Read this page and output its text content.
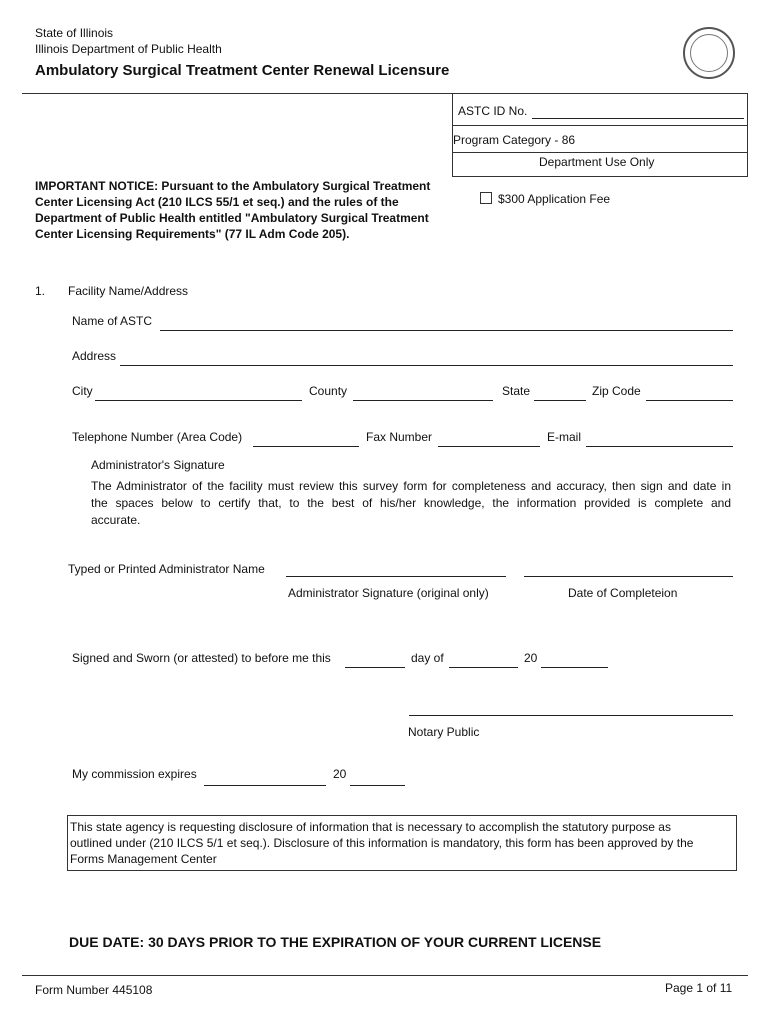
State of Illinois
Illinois Department of Public Health
Ambulatory Surgical Treatment Center Renewal Licensure
ASTC ID No.
Program Category - 86
Department Use Only
IMPORTANT NOTICE: Pursuant to the Ambulatory Surgical Treatment
Center Licensing Act (210 ILCS 55/1 et seq.) and the rules of the
Department of Public Health entitled "Ambulatory Surgical Treatment
Center Licensing Requirements" (77 IL Adm Code 205).
$300 Application Fee
1. Facility Name/Address
Name of ASTC
Address
City	County	State	Zip Code
Telephone Number (Area Code)	Fax Number	E-mail
Administrator's Signature
The Administrator of the facility must review this survey form for completeness and accuracy, then sign and date in
the spaces below to certify that, to the best of his/her knowledge, the information provided is complete and
accurate.
Typed or Printed Administrator Name
Administrator Signature (original only)	Date of Completeion
Signed and Sworn (or attested) to before me this	day of	20
Notary Public
My commission expires	20
This state agency is requesting disclosure of information that is necessary to accomplish the statutory purpose as
outlined under (210 ILCS 5/1 et seq.). Disclosure of this information is mandatory, this form has been approved by the
Forms Management Center
DUE DATE: 30 DAYS PRIOR TO THE EXPIRATION OF YOUR CURRENT LICENSE
Form Number 445108	Page 1 of 11
